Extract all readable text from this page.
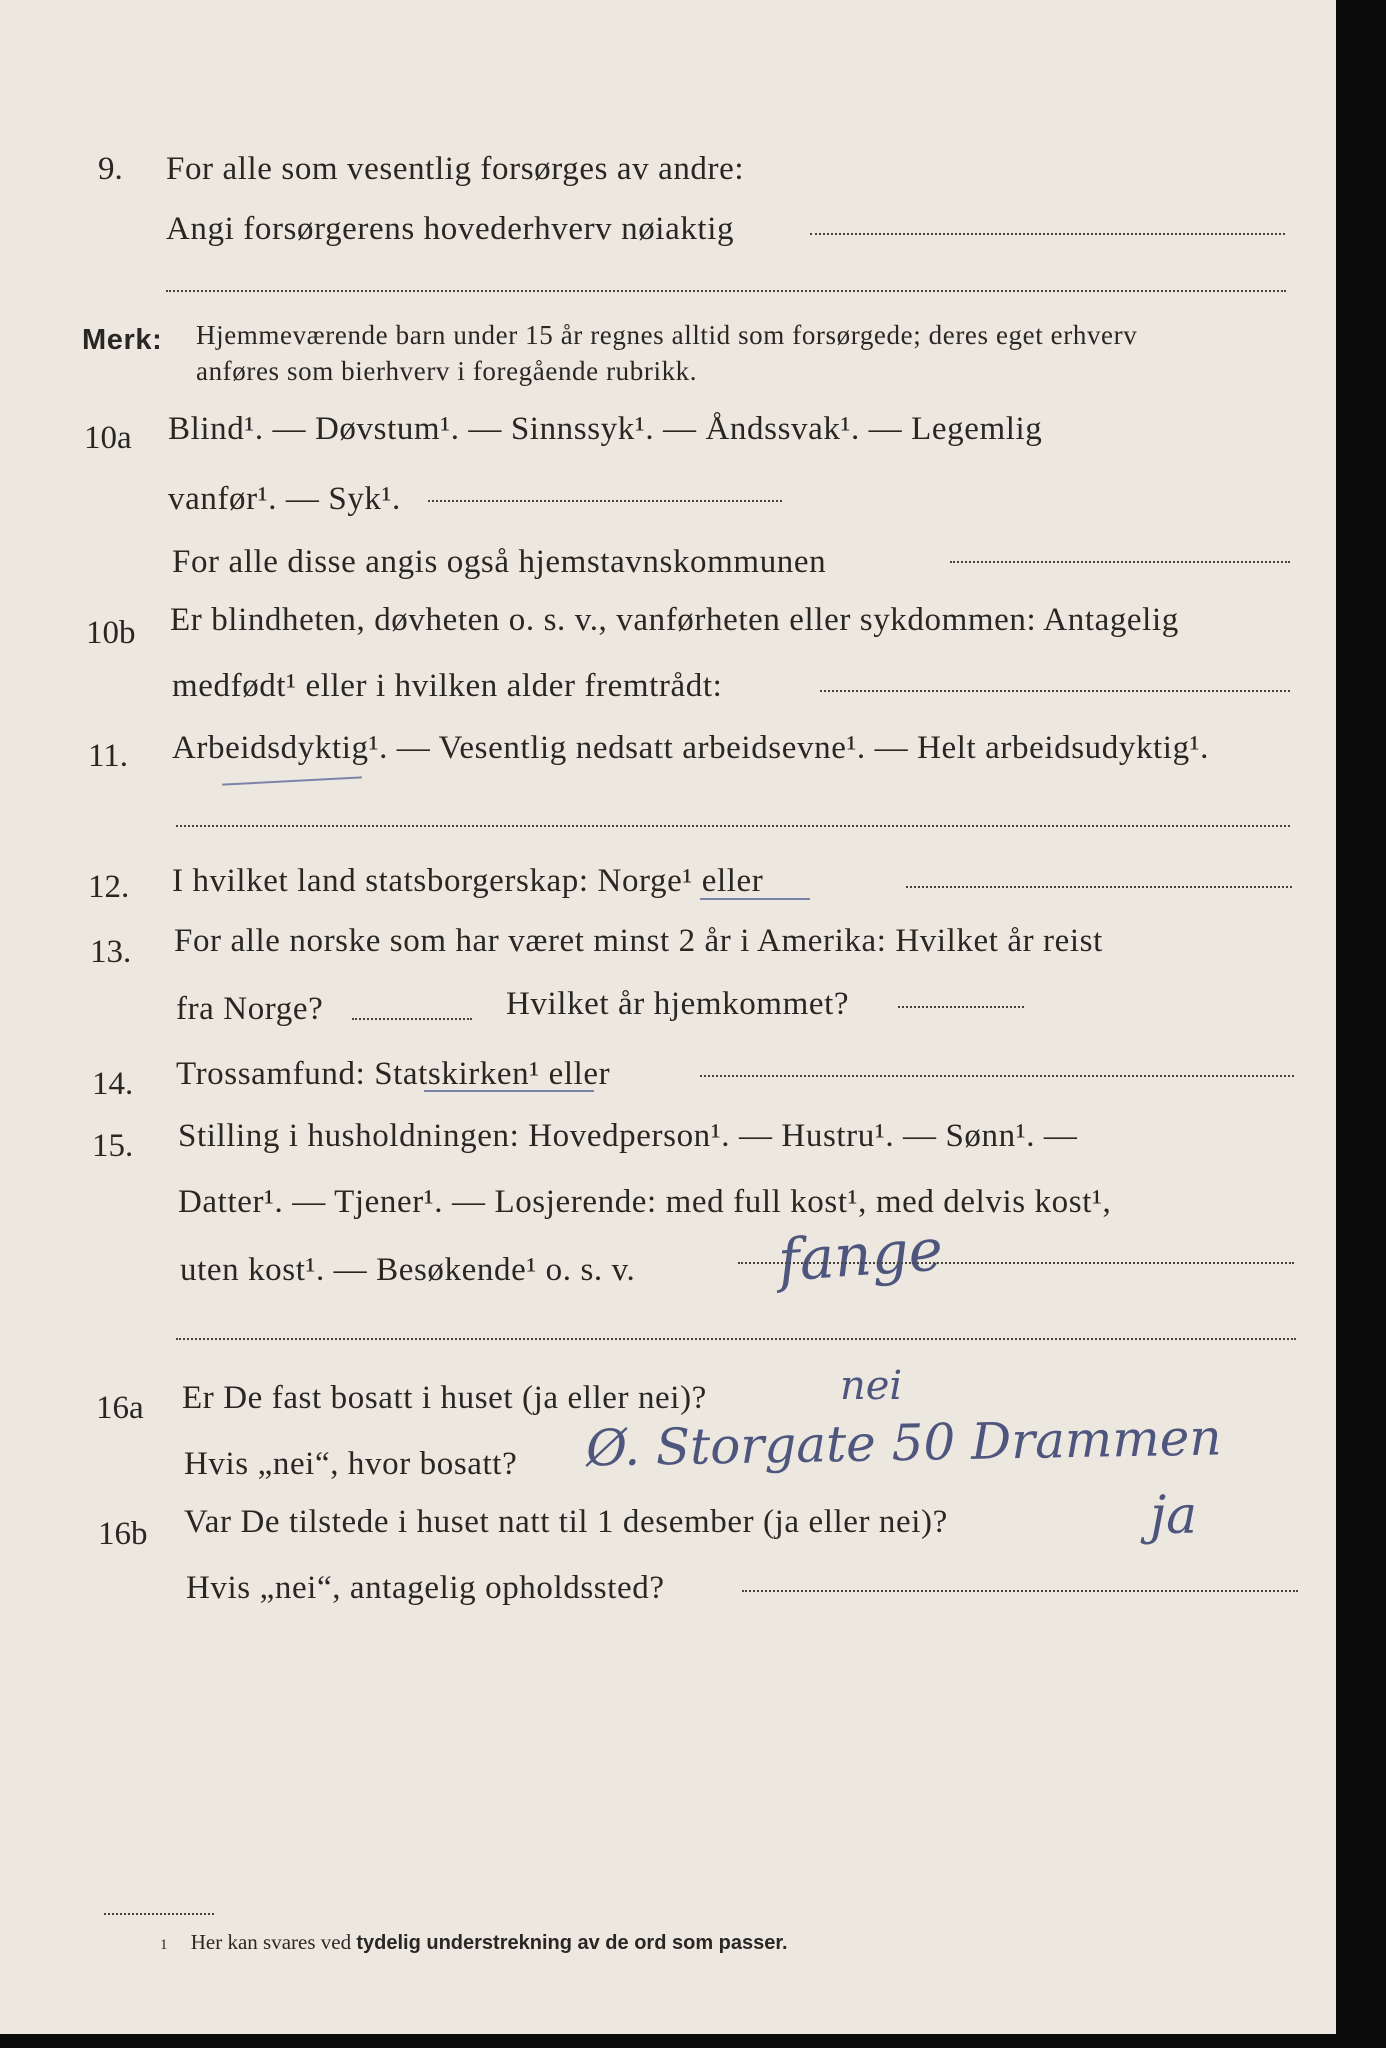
9. For alle som vesentlig forsørges av andre:
Angi forsørgerens hovederhverv nøiaktig
Merk: Hjemmeværende barn under 15 år regnes alltid som forsørgede; deres eget erhverv
anføres som bierhverv i foregående rubrikk.
10a Blind¹. — Døvstum¹. — Sinnssyk¹. — Åndssvak¹. — Legemlig
vanfør¹. — Syk¹.
For alle disse angis også hjemstavnskommunen
10b Er blindheten, døvheten o. s. v., vanførheten eller sykdommen: Antagelig
medfødt¹ eller i hvilken alder fremtrådt:
11. Arbeidsdyktig¹. — Vesentlig nedsatt arbeidsevne¹. — Helt arbeidsudyktig¹.
12. I hvilket land statsborgerskap: Norge¹ eller
13. For alle norske som har været minst 2 år i Amerika: Hvilket år reist
fra Norge?	Hvilket år hjemkommet?
14. Trossamfund: Statskirken¹ eller
15. Stilling i husholdningen: Hovedperson¹. — Hustru¹. — Sønn¹. —
Datter¹. — Tjener¹. — Losjerende: med full kost¹, med delvis kost¹,
uten kost¹. — Besøkende¹ o. s. v. fange
16a Er De fast bosatt i huset (ja eller nei)?	nei
Hvis „nei“, hvor bosatt? Ø. Storgate 50 Drammen
16b Var De tilstede i huset natt til 1 desember (ja eller nei)?	ja
Hvis „nei“, antagelig opholdssted?
1 Her kan svares ved tydelig understrekning av de ord som passer.
